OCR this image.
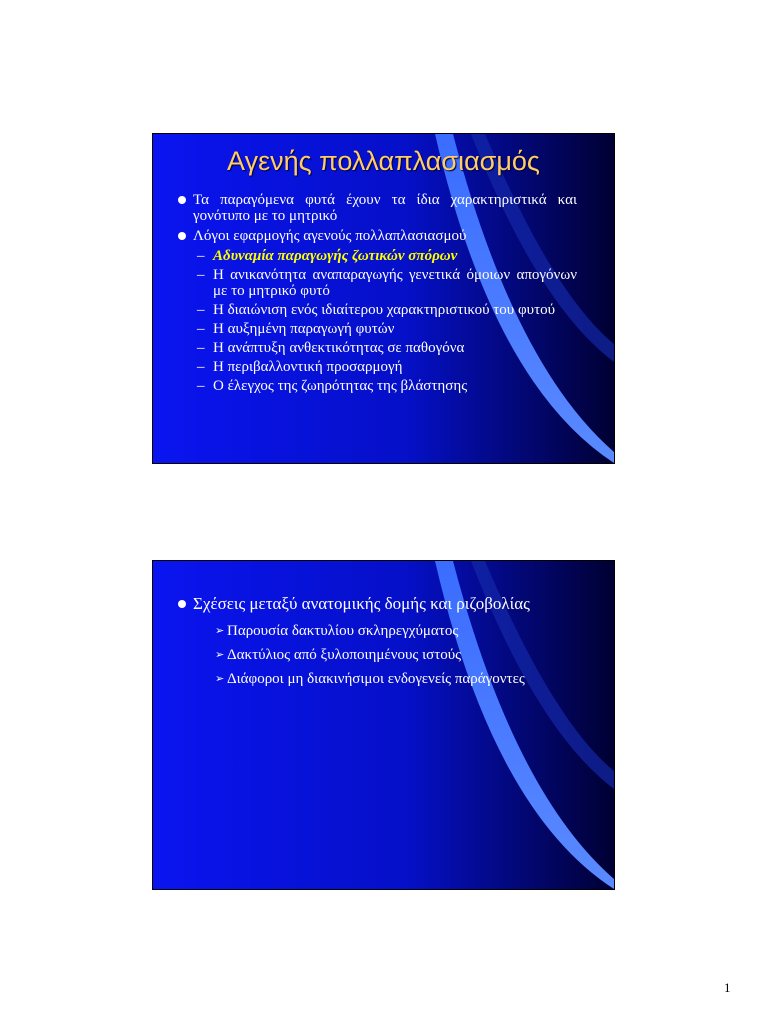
Αγενής πολλαπλασιασμός
Τα παραγόμενα φυτά έχουν τα ίδια χαρακτηριστικά και γονότυπο με το μητρικό
Λόγοι εφαρμογής αγενούς πολλαπλασιασμού
– Αδυναμία παραγωγής ζωτικών σπόρων
– Η ανικανότητα αναπαραγωγής γενετικά όμοιων απογόνων με το μητρικό φυτό
– Η διαιώνιση ενός ιδιαίτερου χαρακτηριστικού του φυτού
– Η αυξημένη παραγωγή φυτών
– Η ανάπτυξη ανθεκτικότητας σε παθογόνα
– Η περιβαλλοντική προσαρμογή
– Ο έλεγχος της ζωηρότητας της βλάστησης
Σχέσεις μεταξύ ανατομικής δομής και ριζοβολίας
➢ Παρουσία δακτυλίου σκληρεγχύματος
➢ Δακτύλιος από ξυλοποιημένους ιστούς
➢ Διάφοροι μη διακινήσιμοι ενδογενείς παράγοντες
1
